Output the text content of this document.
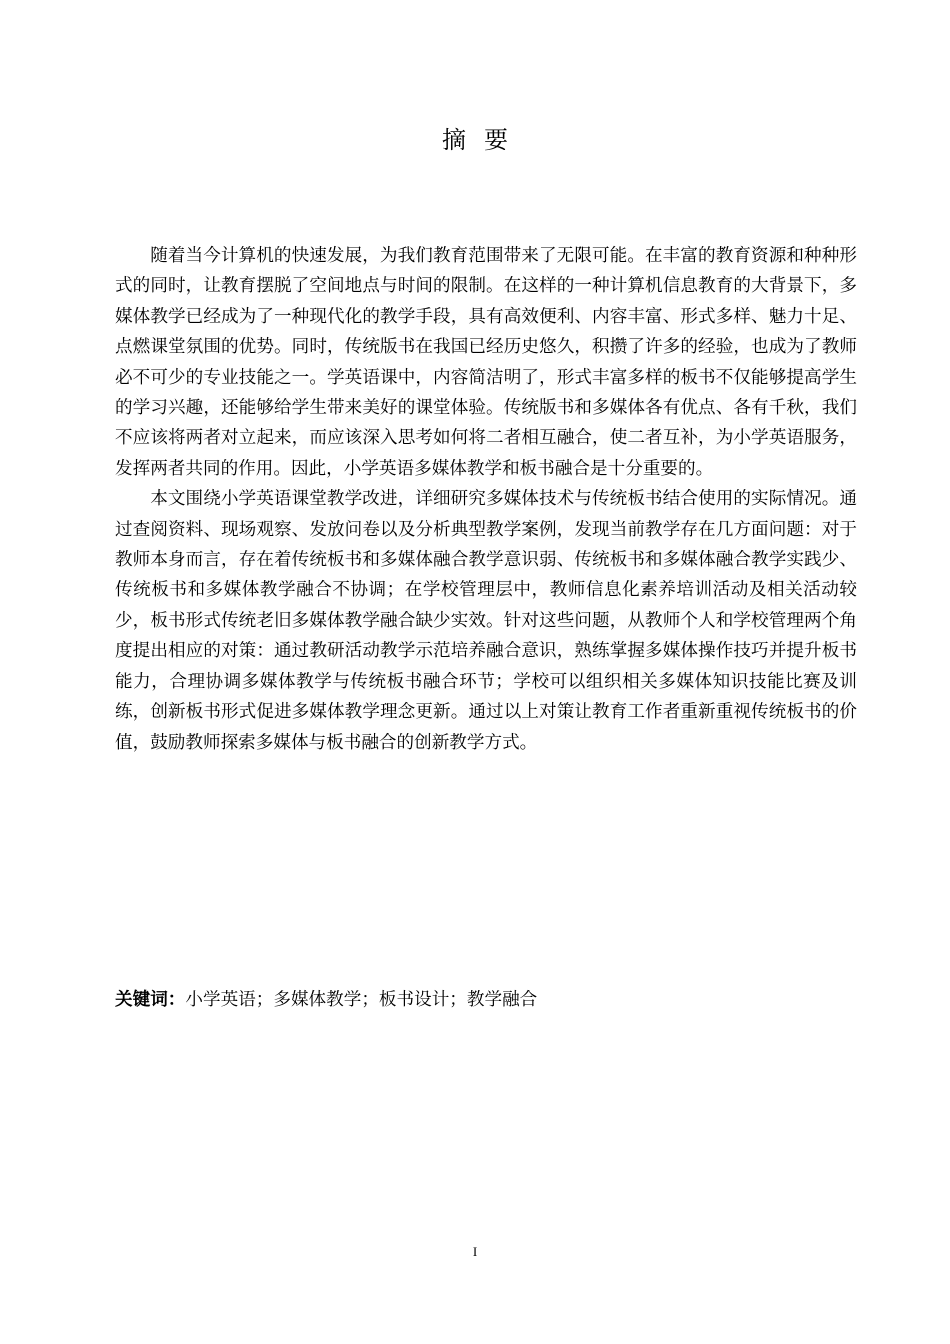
摘要

随着当今计算机的快速发展，为我们教育范围带来了无限可能。在丰富的教育资源和种种形式的同时，让教育摆脱了空间地点与时间的限制。在这样的一种计算机信息教育的大背景下，多媒体教学已经成为了一种现代化的教学手段，具有高效便利、内容丰富、形式多样、魅力十足、点燃课堂氛围的优势。同时，传统版书在我国已经历史悠久，积攒了许多的经验，也成为了教师必不可少的专业技能之一。学英语课中，内容简洁明了，形式丰富多样的板书不仅能够提高学生的学习兴趣，还能够给学生带来美好的课堂体验。传统版书和多媒体各有优点、各有千秋，我们不应该将两者对立起来，而应该深入思考如何将二者相互融合，使二者互补，为小学英语服务，发挥两者共同的作用。因此，小学英语多媒体教学和板书融合是十分重要的。

本文围绕小学英语课堂教学改进，详细研究多媒体技术与传统板书结合使用的实际情况。通过查阅资料、现场观察、发放问卷以及分析典型教学案例，发现当前教学存在几方面问题：对于教师本身而言，存在着传统板书和多媒体融合教学意识弱、传统板书和多媒体融合教学实践少、传统板书和多媒体教学融合不协调；在学校管理层中，教师信息化素养培训活动及相关活动较少，板书形式传统老旧多媒体教学融合缺少实效。针对这些问题，从教师个人和学校管理两个角度提出相应的对策：通过教研活动教学示范培养融合意识，熟练掌握多媒体操作技巧并提升板书能力，合理协调多媒体教学与传统板书融合环节；学校可以组织相关多媒体知识技能比赛及训练，创新板书形式促进多媒体教学理念更新。通过以上对策让教育工作者重新重视传统板书的价值，鼓励教师探索多媒体与板书融合的创新教学方式。

关键词：小学英语；多媒体教学；板书设计；教学融合
I
